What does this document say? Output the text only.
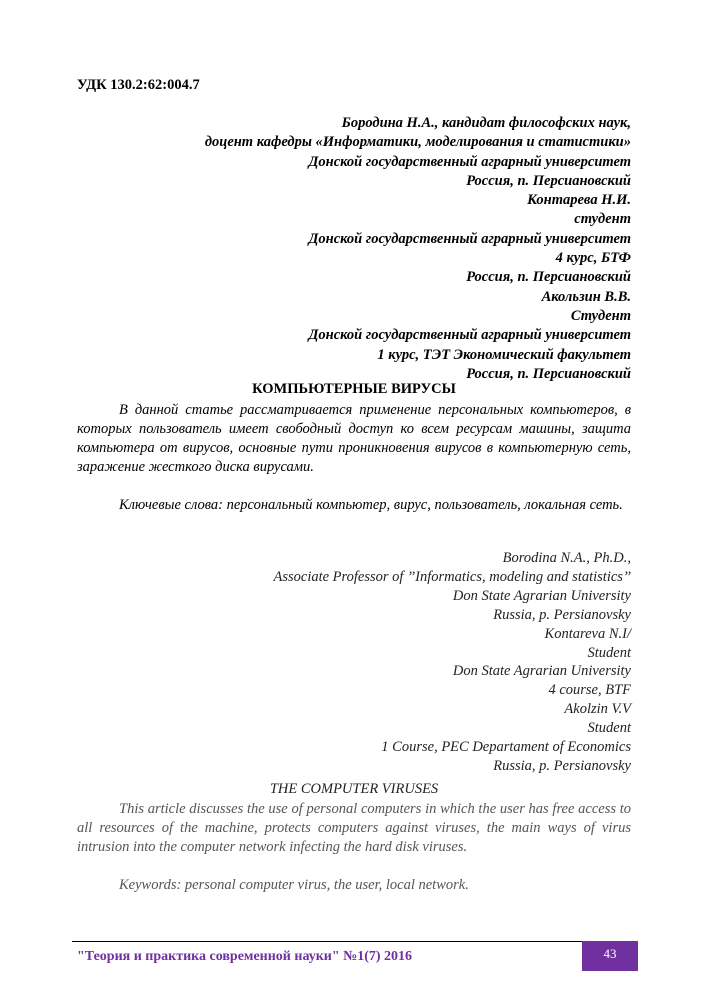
УДК 130.2:62:004.7
Бородина Н.А., кандидат философских наук,
доцент кафедры «Информатики, моделирования и статистики»
Донской государственный аграрный университет
Россия, п. Персиановский
Контарева Н.И.
студент
Донской государственный аграрный университет
4 курс, БТФ
Россия, п. Персиановский
Акользин В.В.
Студент
Донской государственный аграрный университет
1 курс, ТЭТ Экономический факультет
Россия, п. Персиановский
КОМПЬЮТЕРНЫЕ ВИРУСЫ

В данной статье рассматривается применение персональных компьютеров, в которых пользователь имеет свободный доступ ко всем ресурсам машины, защита компьютера от вирусов, основные пути проникновения вирусов в компьютерную сеть, заражение жесткого диска вирусами.

Ключевые слова: персональный компьютер, вирус, пользователь, локальная сеть.

Borodina N.A., Ph.D.,
Associate Professor of ’’Informatics, modeling and statistics’’
Don State Agrarian University
Russia, p. Persianovsky
Kontareva N.I/
Student
Don State Agrarian University
4 course, BTF
Akolzin V.V
Student
1 Course, PEC Departament of Economics
Russia, p. Persianovsky
THE COMPUTER VIRUSES

This article discusses the use of personal computers in which the user has free access to all resources of the machine, protects computers against viruses, the main ways of virus intrusion into the computer network infecting the hard disk viruses.

Keywords: personal computer virus, the user, local network.

"Теория и практика современной науки" №1(7) 2016	43
